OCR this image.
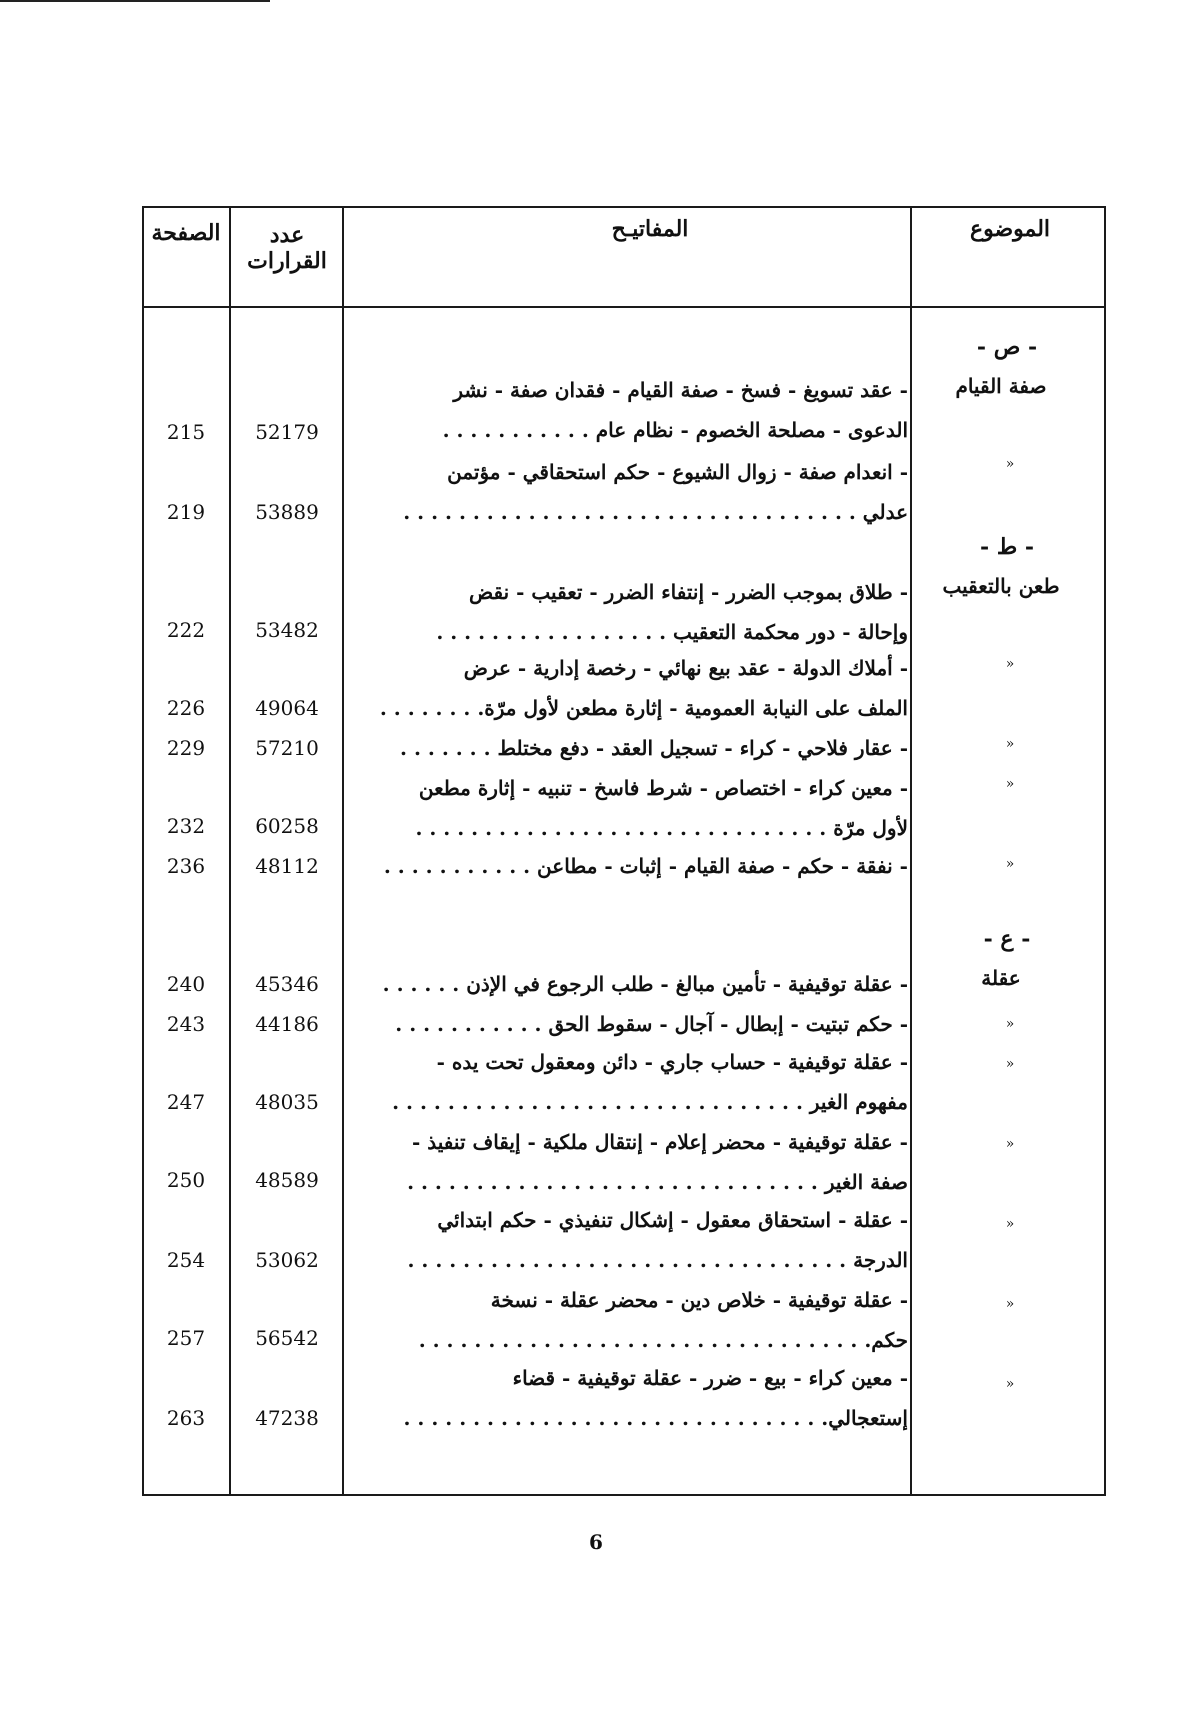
الموضوع
المفاتيـح
عدد
القرارات
الصفحة
- ص -
صفة القيام
- ط -
طعن بالتعقيب
- ع -
عقلة
»
»
»
»
»
»
»
»
»
»
»
- عقد تسويغ - فسخ - صفة القيام - فقدان صفة - نشر
الدعوى - مصلحة الخصوم - نظام عام . . . . . . . . . . .
52179
215
- انعدام صفة - زوال الشيوع - حكم استحقاقي - مؤتمن
عدلي . . . . . . . . . . . . . . . . . . . . . . . . . . . . . . . . .
53889
219
- طلاق بموجب الضرر - إنتفاء الضرر - تعقيب - نقض
وإحالة - دور محكمة التعقيب . . . . . . . . . . . . . . . . .
53482
222
- أملاك الدولة - عقد بيع نهائي - رخصة إدارية - عرض
الملف على النيابة العمومية - إثارة مطعن لأول مرّة. . . . . . . .
49064
226
- عقار فلاحي - كراء - تسجيل العقد - دفع مختلط . . . . . . .
57210
229
- معين كراء - اختصاص - شرط فاسخ - تنبيه - إثارة مطعن
لأول مرّة . . . . . . . . . . . . . . . . . . . . . . . . . . . . . .
60258
232
- نفقة - حكم - صفة القيام - إثبات - مطاعن . . . . . . . . . . .
48112
236
- عقلة توقيفية - تأمين مبالغ - طلب الرجوع في الإذن . . . . . .
45346
240
- حكم تبتيت - إبطال - آجال - سقوط الحق . . . . . . . . . . .
44186
243
- عقلة توقيفية - حساب جاري - دائن ومعقول تحت يده -
مفهوم الغير . . . . . . . . . . . . . . . . . . . . . . . . . . . . . .
48035
247
- عقلة توقيفية - محضر إعلام - إنتقال ملكية - إيقاف تنفيذ -
صفة الغير . . . . . . . . . . . . . . . . . . . . . . . . . . . . . .
48589
250
- عقلة - استحقاق معقول - إشكال تنفيذي - حكم ابتدائي
الدرجة . . . . . . . . . . . . . . . . . . . . . . . . . . . . . . . .
53062
254
- عقلة توقيفية - خلاص دين - محضر عقلة - نسخة
حكم. . . . . . . . . . . . . . . . . . . . . . . . . . . . . . . . .
56542
257
- معين كراء - بيع - ضرر - عقلة توقيفية - قضاء
إستعجالي. . . . . . . . . . . . . . . . . . . . . . . . . . . . . . .
47238
263
6
